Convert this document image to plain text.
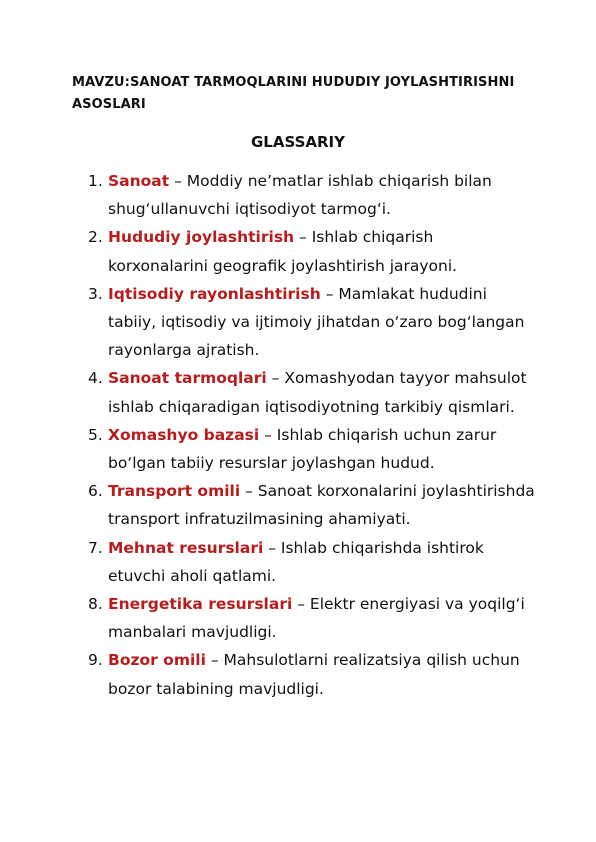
MAVZU:SANOAT TARMOQLARINI HUDUDIY JOYLASHTIRISHNI ASOSLARI
GLASSARIY
1. Sanoat – Moddiy ne’matlar ishlab chiqarish bilan shug‘ullanuvchi iqtisodiyot tarmog‘i.
2. Hududiy joylashtirish – Ishlab chiqarish korxonalarini geografik joylashtirish jarayoni.
3. Iqtisodiy rayonlashtirish – Mamlakat hududini tabiiy, iqtisodiy va ijtimoiy jihatdan o‘zaro bog‘langan rayonlarga ajratish.
4. Sanoat tarmoqlari – Xomashyodan tayyor mahsulot ishlab chiqaradigan iqtisodiyotning tarkibiy qismlari.
5. Xomashyo bazasi – Ishlab chiqarish uchun zarur bo‘lgan tabiiy resurslar joylashgan hudud.
6. Transport omili – Sanoat korxonalarini joylashtirishda transport infratuzilmasining ahamiyati.
7. Mehnat resurslari – Ishlab chiqarishda ishtirok etuvchi aholi qatlami.
8. Energetika resurslari – Elektr energiyasi va yoqilg‘i manbalari mavjudligi.
9. Bozor omili – Mahsulotlarni realizatsiya qilish uchun bozor talabining mavjudligi.
